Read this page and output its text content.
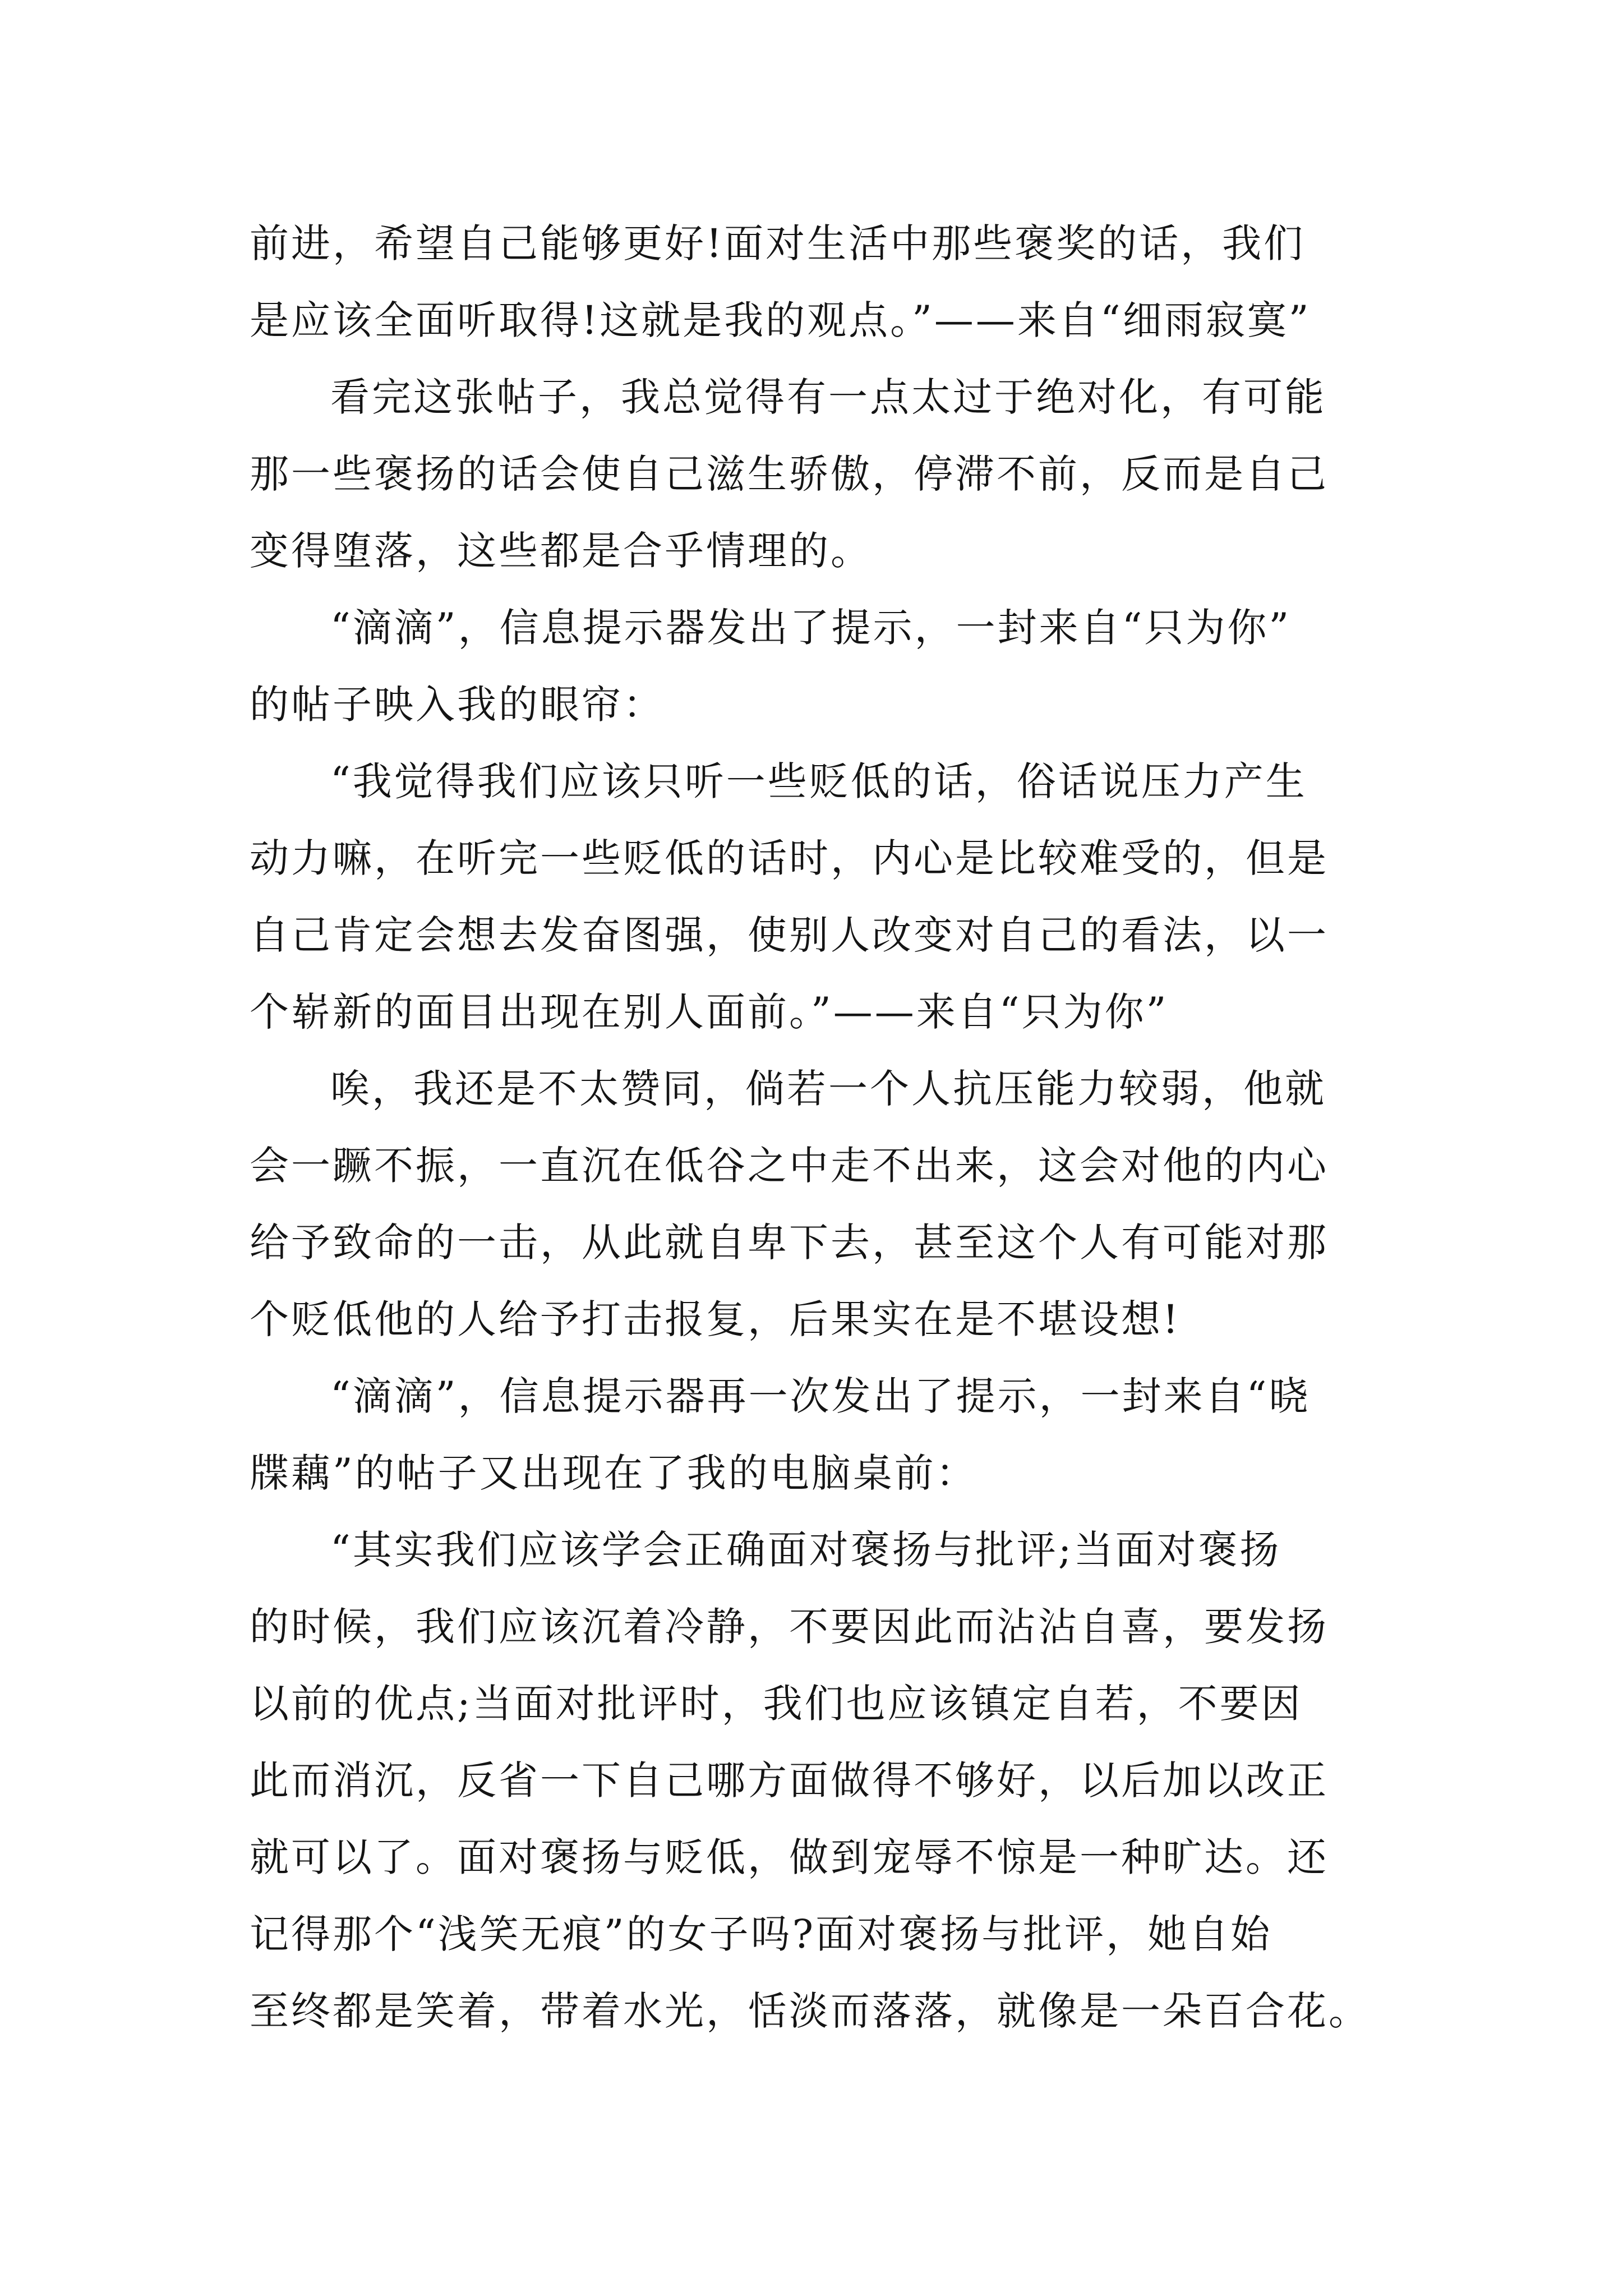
前进，希望自己能够更好!面对生活中那些褒奖的话，我们
是应该全面听取得!这就是我的观点。”——来自“细雨寂寞”
看完这张帖子，我总觉得有一点太过于绝对化，有可能
那一些褒扬的话会使自己滋生骄傲，停滞不前，反而是自己
变得堕落，这些都是合乎情理的。
“滴滴”，信息提示器发出了提示，一封来自“只为你”
的帖子映入我的眼帘：
“我觉得我们应该只听一些贬低的话，俗话说压力产生
动力嘛，在听完一些贬低的话时，内心是比较难受的，但是
自己肯定会想去发奋图强，使别人改变对自己的看法，以一
个崭新的面目出现在别人面前。”——来自“只为你”
唉，我还是不太赞同，倘若一个人抗压能力较弱，他就
会一蹶不振，一直沉在低谷之中走不出来，这会对他的内心
给予致命的一击，从此就自卑下去，甚至这个人有可能对那
个贬低他的人给予打击报复，后果实在是不堪设想!
“滴滴”，信息提示器再一次发出了提示，一封来自“晓
牒藕”的帖子又出现在了我的电脑桌前：
“其实我们应该学会正确面对褒扬与批评;当面对褒扬
的时候，我们应该沉着冷静，不要因此而沾沾自喜，要发扬
以前的优点;当面对批评时，我们也应该镇定自若，不要因
此而消沉，反省一下自己哪方面做得不够好，以后加以改正
就可以了。面对褒扬与贬低，做到宠辱不惊是一种旷达。还
记得那个“浅笑无痕”的女子吗?面对褒扬与批评，她自始
至终都是笑着，带着水光，恬淡而落落，就像是一朵百合花。
